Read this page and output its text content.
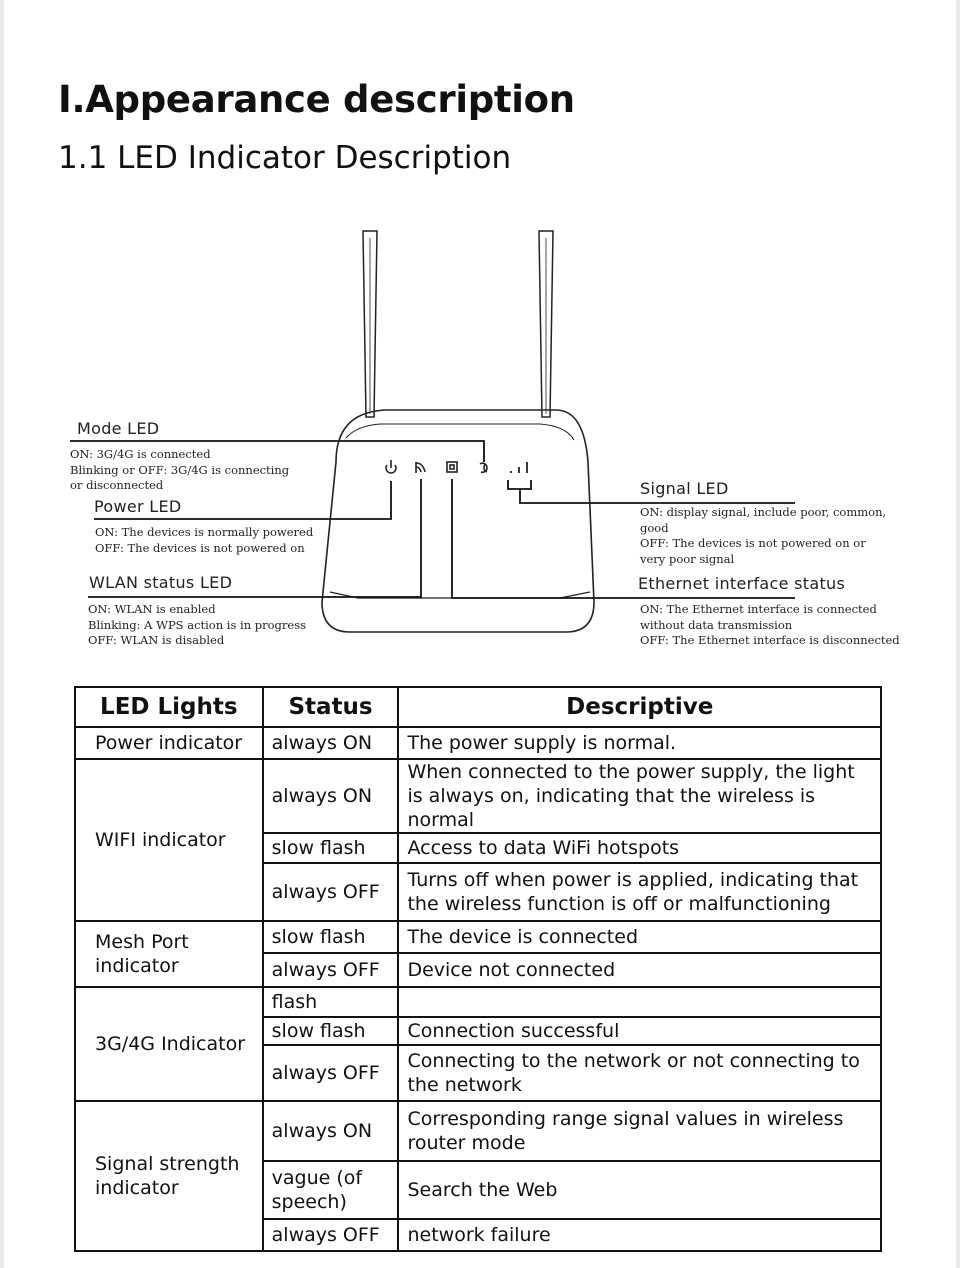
I.Appearance description
1.1 LED Indicator Description
Mode LED
ON: 3G/4G is connected
Blinking or OFF: 3G/4G is connecting
or disconnected
Power LED
ON: The devices is normally powered
OFF: The devices is not powered on
WLAN status LED
ON: WLAN is enabled
Blinking: A WPS action is in progress
OFF: WLAN is disabled
Signal LED
ON: display signal, include poor, common,
good
OFF: The devices is not powered on or
very poor signal
Ethernet interface status
ON: The Ethernet interface is connected
without data transmission
OFF: The Ethernet interface is disconnected
LED Lights	Status	Descriptive
Power indicator	always ON	The power supply is normal.
WIFI indicator	always ON	When connected to the power supply, the light is always on, indicating that the wireless is normal
	slow flash	Access to data WiFi hotspots
	always OFF	Turns off when power is applied, indicating that the wireless function is off or malfunctioning
Mesh Port indicator	slow flash	The device is connected
	always OFF	Device not connected
3G/4G Indicator	flash	
	slow flash	Connection successful
	always OFF	Connecting to the network or not connecting to the network
Signal strength indicator	always ON	Corresponding range signal values in wireless router mode
	vague (of speech)	Search the Web
	always OFF	network failure
